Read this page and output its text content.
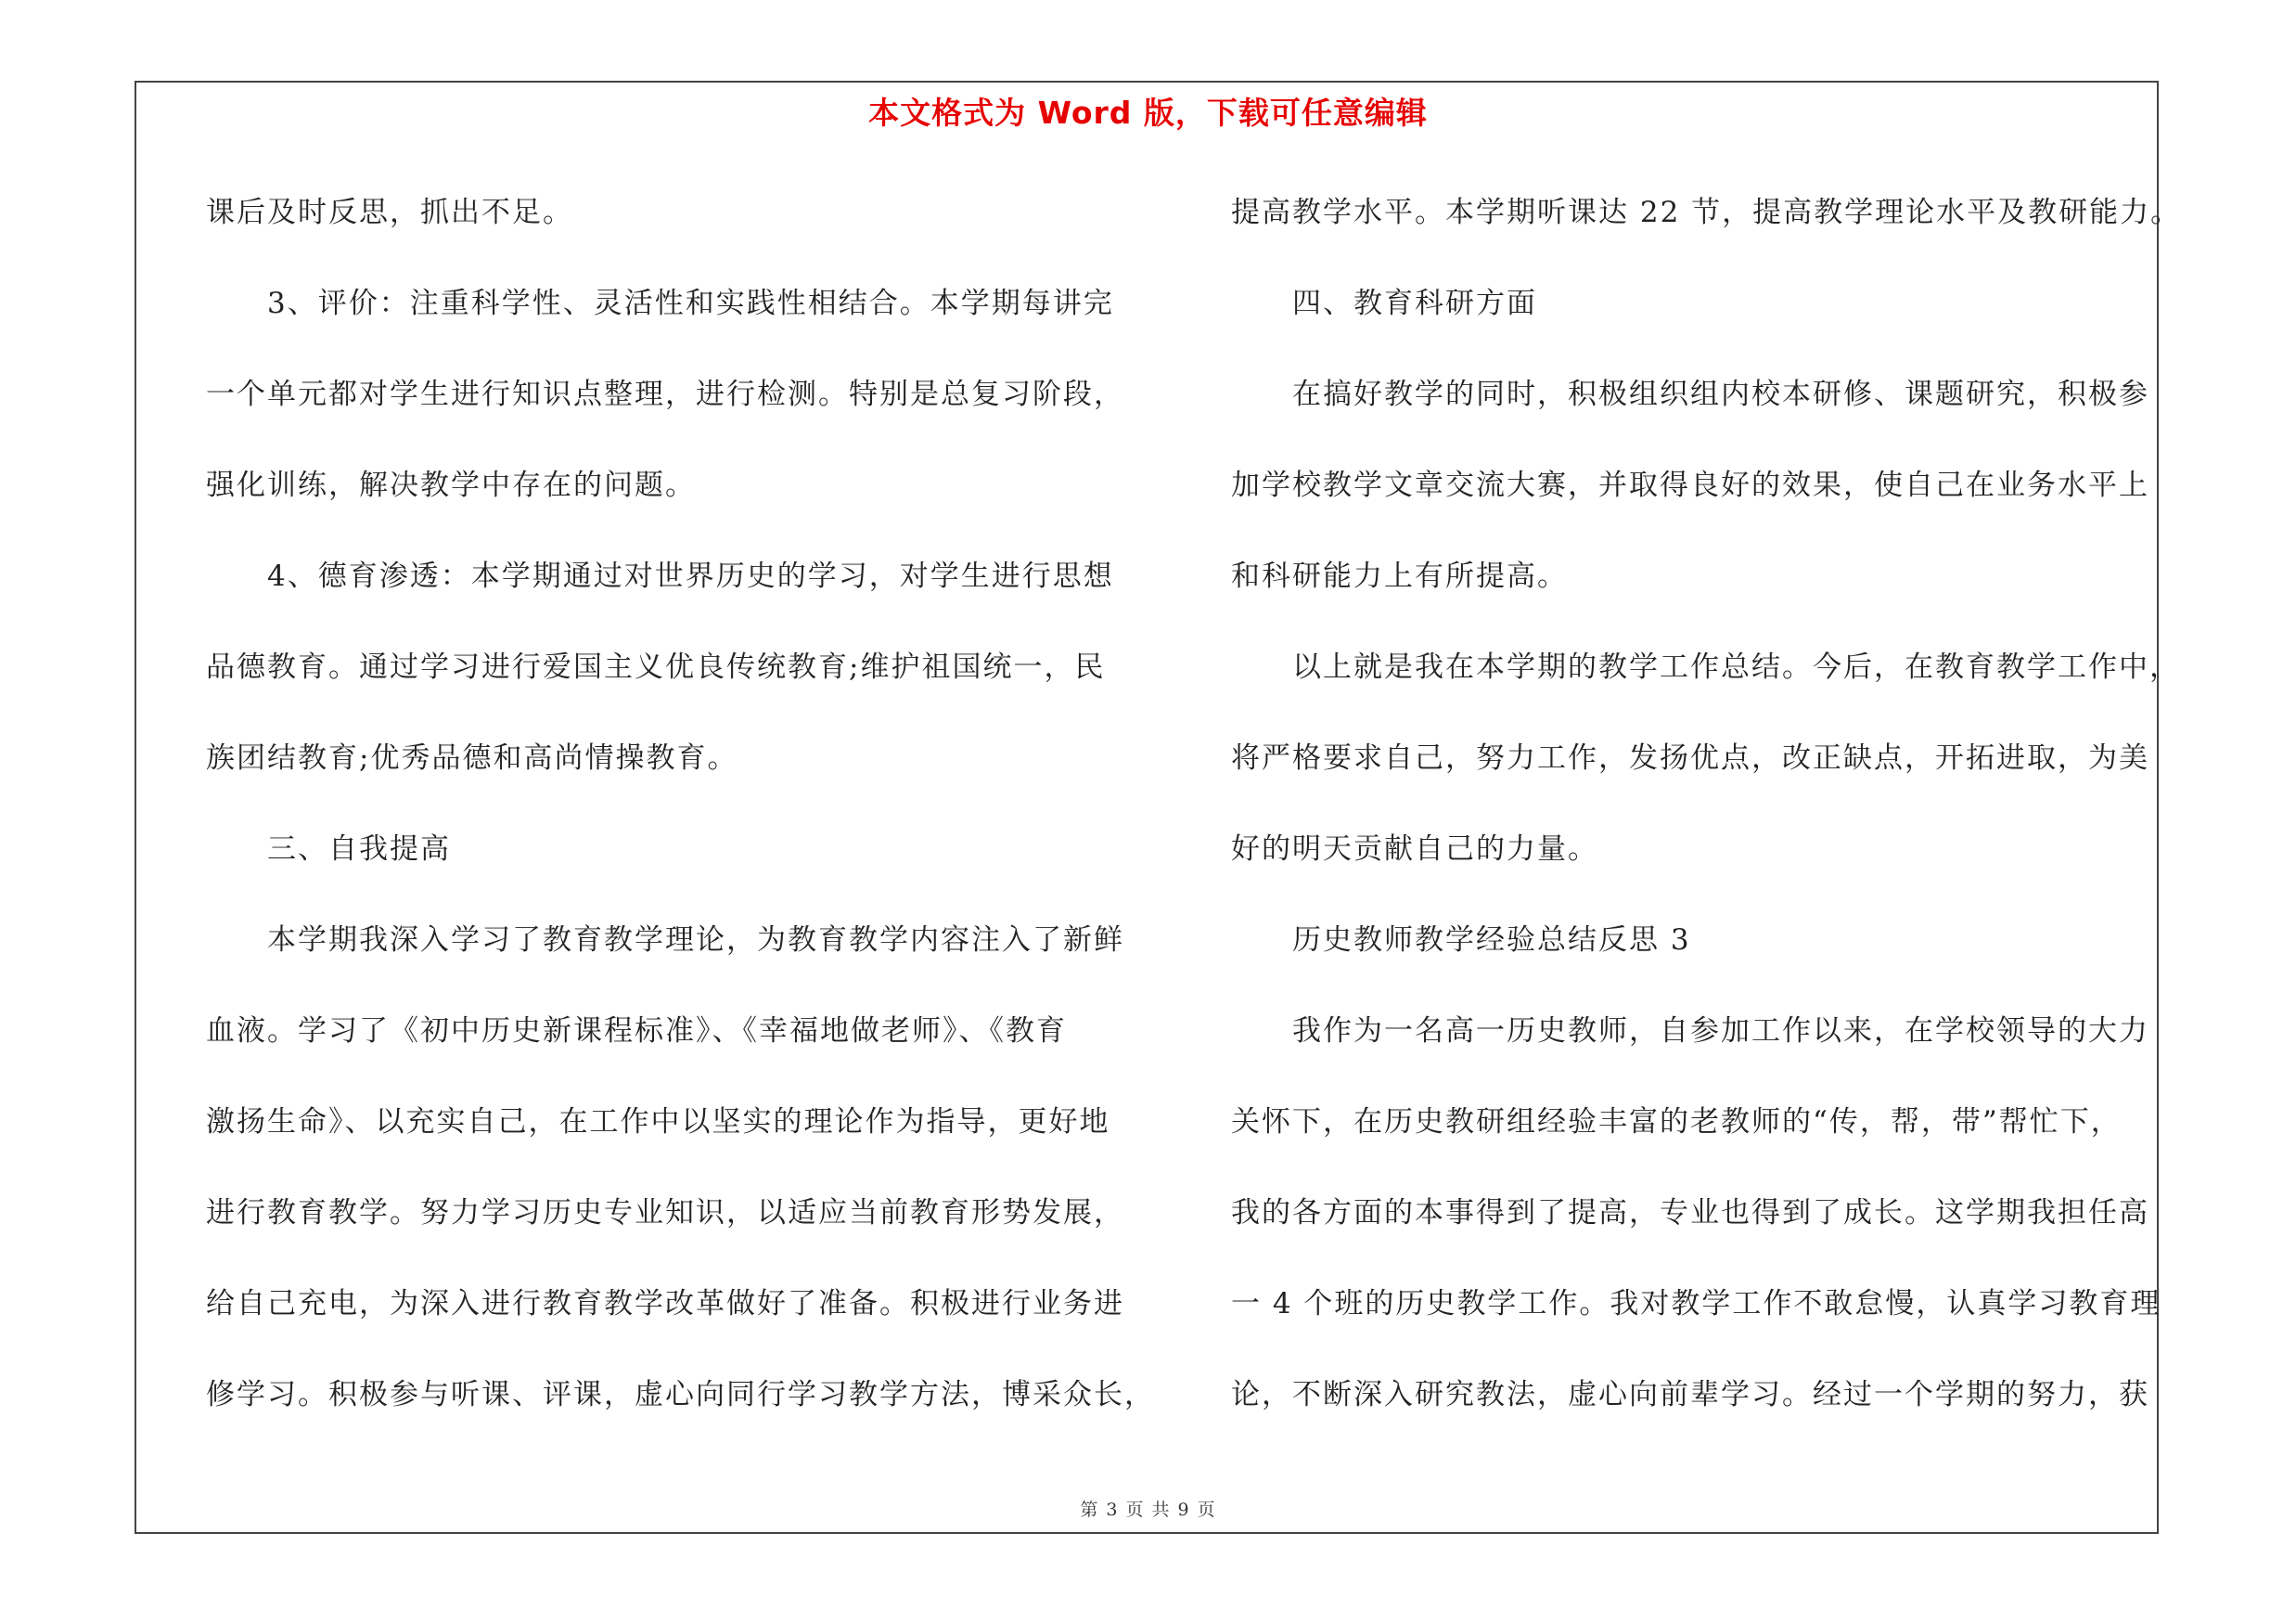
本文格式为 Word 版，下载可任意编辑
课后及时反思，抓出不足。
3、评价：注重科学性、灵活性和实践性相结合。本学期每讲完
一个单元都对学生进行知识点整理，进行检测。特别是总复习阶段，
强化训练，解决教学中存在的问题。
4、德育渗透：本学期通过对世界历史的学习，对学生进行思想
品德教育。通过学习进行爱国主义优良传统教育;维护祖国统一，民
族团结教育;优秀品德和高尚情操教育。
三、自我提高
本学期我深入学习了教育教学理论，为教育教学内容注入了新鲜
血液。学习了《初中历史新课程标准》、《幸福地做老师》、《教育
激扬生命》、以充实自己，在工作中以坚实的理论作为指导，更好地
进行教育教学。努力学习历史专业知识，以适应当前教育形势发展，
给自己充电，为深入进行教育教学改革做好了准备。积极进行业务进
修学习。积极参与听课、评课，虚心向同行学习教学方法，博采众长，
提高教学水平。本学期听课达 22 节，提高教学理论水平及教研能力。
四、教育科研方面
在搞好教学的同时，积极组织组内校本研修、课题研究，积极参
加学校教学文章交流大赛，并取得良好的效果，使自己在业务水平上
和科研能力上有所提高。
以上就是我在本学期的教学工作总结。今后，在教育教学工作中，
将严格要求自己，努力工作，发扬优点，改正缺点，开拓进取，为美
好的明天贡献自己的力量。
历史教师教学经验总结反思 3
我作为一名高一历史教师，自参加工作以来，在学校领导的大力
关怀下，在历史教研组经验丰富的老教师的“传，帮，带”帮忙下，
我的各方面的本事得到了提高，专业也得到了成长。这学期我担任高
一 4 个班的历史教学工作。我对教学工作不敢怠慢，认真学习教育理
论，不断深入研究教法，虚心向前辈学习。经过一个学期的努力，获
第 3 页 共 9 页
